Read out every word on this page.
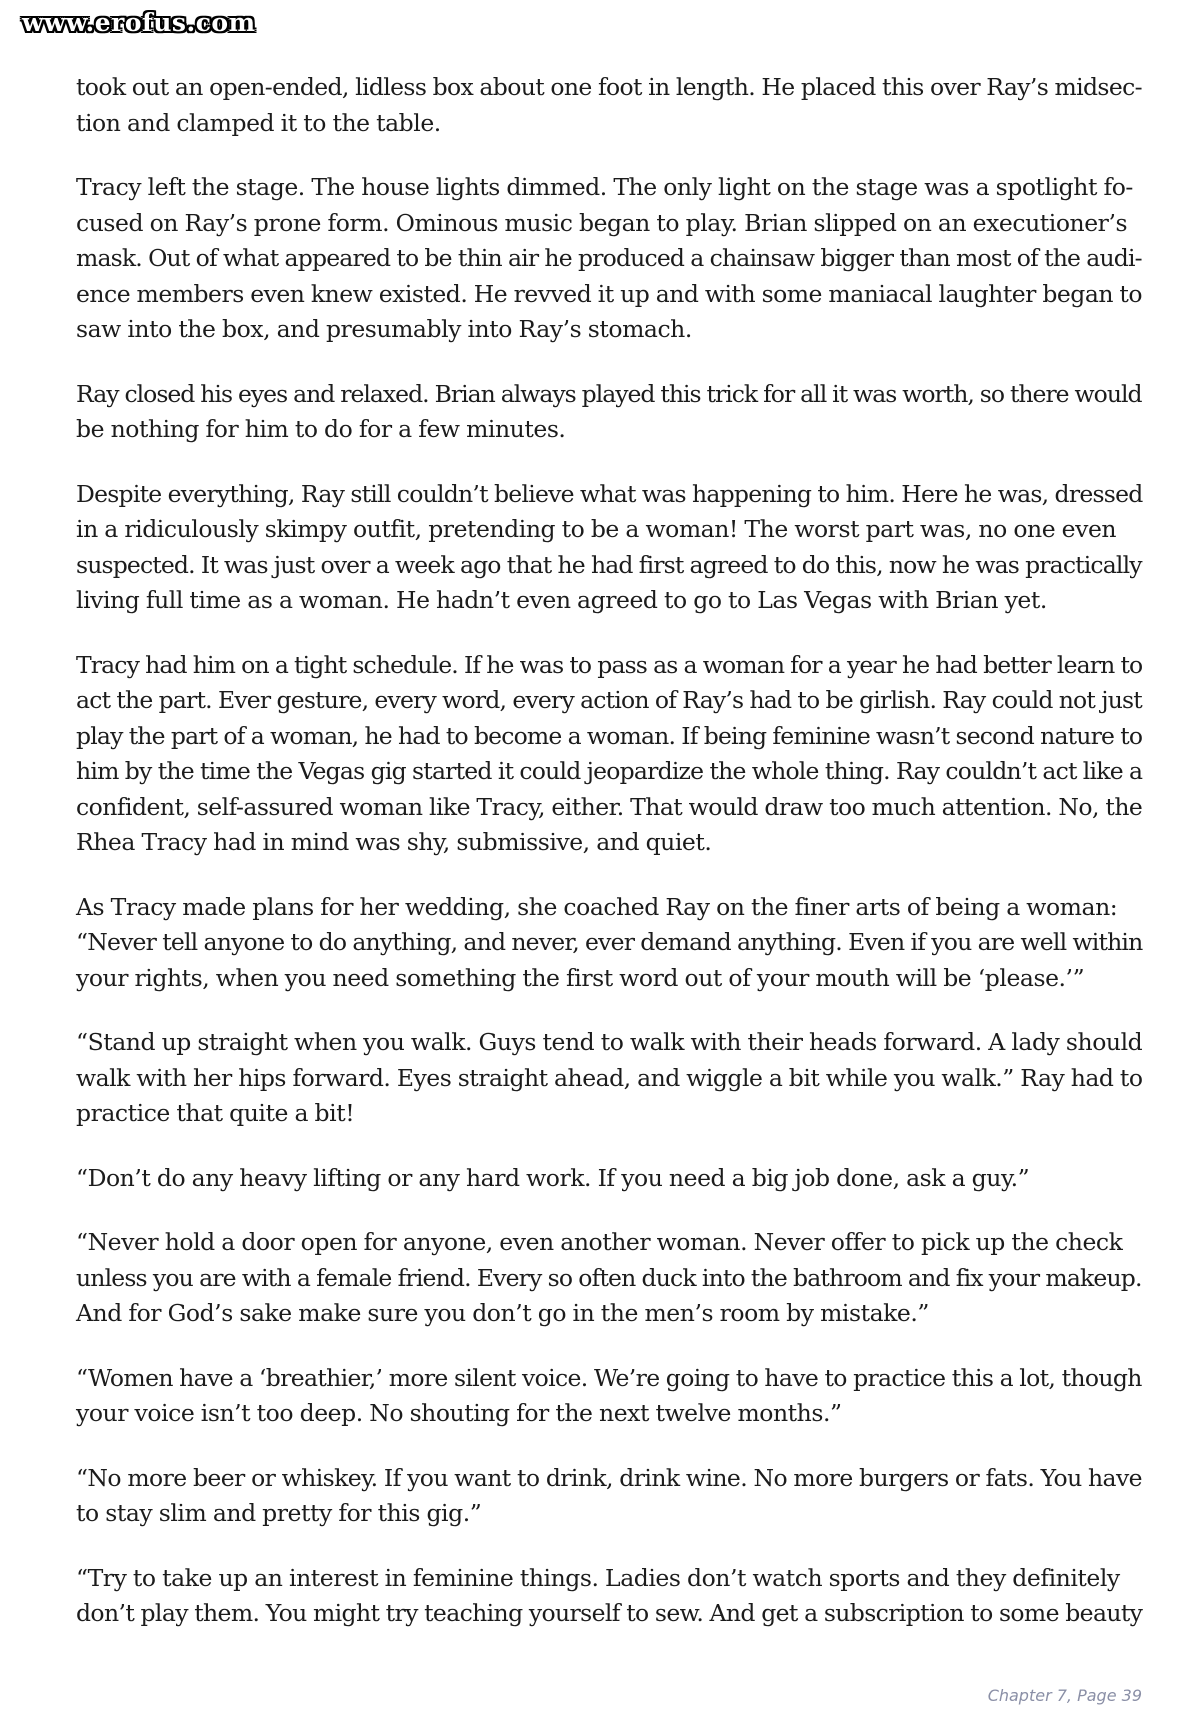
www.erofus.com

took out an open-ended, lidless box about one foot in length. He placed this over Ray’s midsec-
tion and clamped it to the table.

Tracy left the stage. The house lights dimmed. The only light on the stage was a spotlight fo-
cused on Ray’s prone form. Ominous music began to play. Brian slipped on an executioner’s
mask. Out of what appeared to be thin air he produced a chainsaw bigger than most of the audi-
ence members even knew existed. He revved it up and with some maniacal laughter began to
saw into the box, and presumably into Ray’s stomach.

Ray closed his eyes and relaxed. Brian always played this trick for all it was worth, so there would
be nothing for him to do for a few minutes.

Despite everything, Ray still couldn’t believe what was happening to him. Here he was, dressed
in a ridiculously skimpy outfit, pretending to be a woman! The worst part was, no one even
suspected. It was just over a week ago that he had first agreed to do this, now he was practically
living full time as a woman. He hadn’t even agreed to go to Las Vegas with Brian yet.

Tracy had him on a tight schedule. If he was to pass as a woman for a year he had better learn to
act the part. Ever gesture, every word, every action of Ray’s had to be girlish. Ray could not just
play the part of a woman, he had to become a woman. If being feminine wasn’t second nature to
him by the time the Vegas gig started it could jeopardize the whole thing. Ray couldn’t act like a
confident, self-assured woman like Tracy, either. That would draw too much attention. No, the
Rhea Tracy had in mind was shy, submissive, and quiet.

As Tracy made plans for her wedding, she coached Ray on the finer arts of being a woman:
“Never tell anyone to do anything, and never, ever demand anything. Even if you are well within
your rights, when you need something the first word out of your mouth will be ‘please.’”

“Stand up straight when you walk. Guys tend to walk with their heads forward. A lady should
walk with her hips forward. Eyes straight ahead, and wiggle a bit while you walk.” Ray had to
practice that quite a bit!

“Don’t do any heavy lifting or any hard work. If you need a big job done, ask a guy.”

“Never hold a door open for anyone, even another woman. Never offer to pick up the check
unless you are with a female friend. Every so often duck into the bathroom and fix your makeup.
And for God’s sake make sure you don’t go in the men’s room by mistake.”

“Women have a ‘breathier,’ more silent voice. We’re going to have to practice this a lot, though
your voice isn’t too deep. No shouting for the next twelve months.”

“No more beer or whiskey. If you want to drink, drink wine. No more burgers or fats. You have
to stay slim and pretty for this gig.”

“Try to take up an interest in feminine things. Ladies don’t watch sports and they definitely
don’t play them. You might try teaching yourself to sew. And get a subscription to some beauty

Chapter 7, Page 39
